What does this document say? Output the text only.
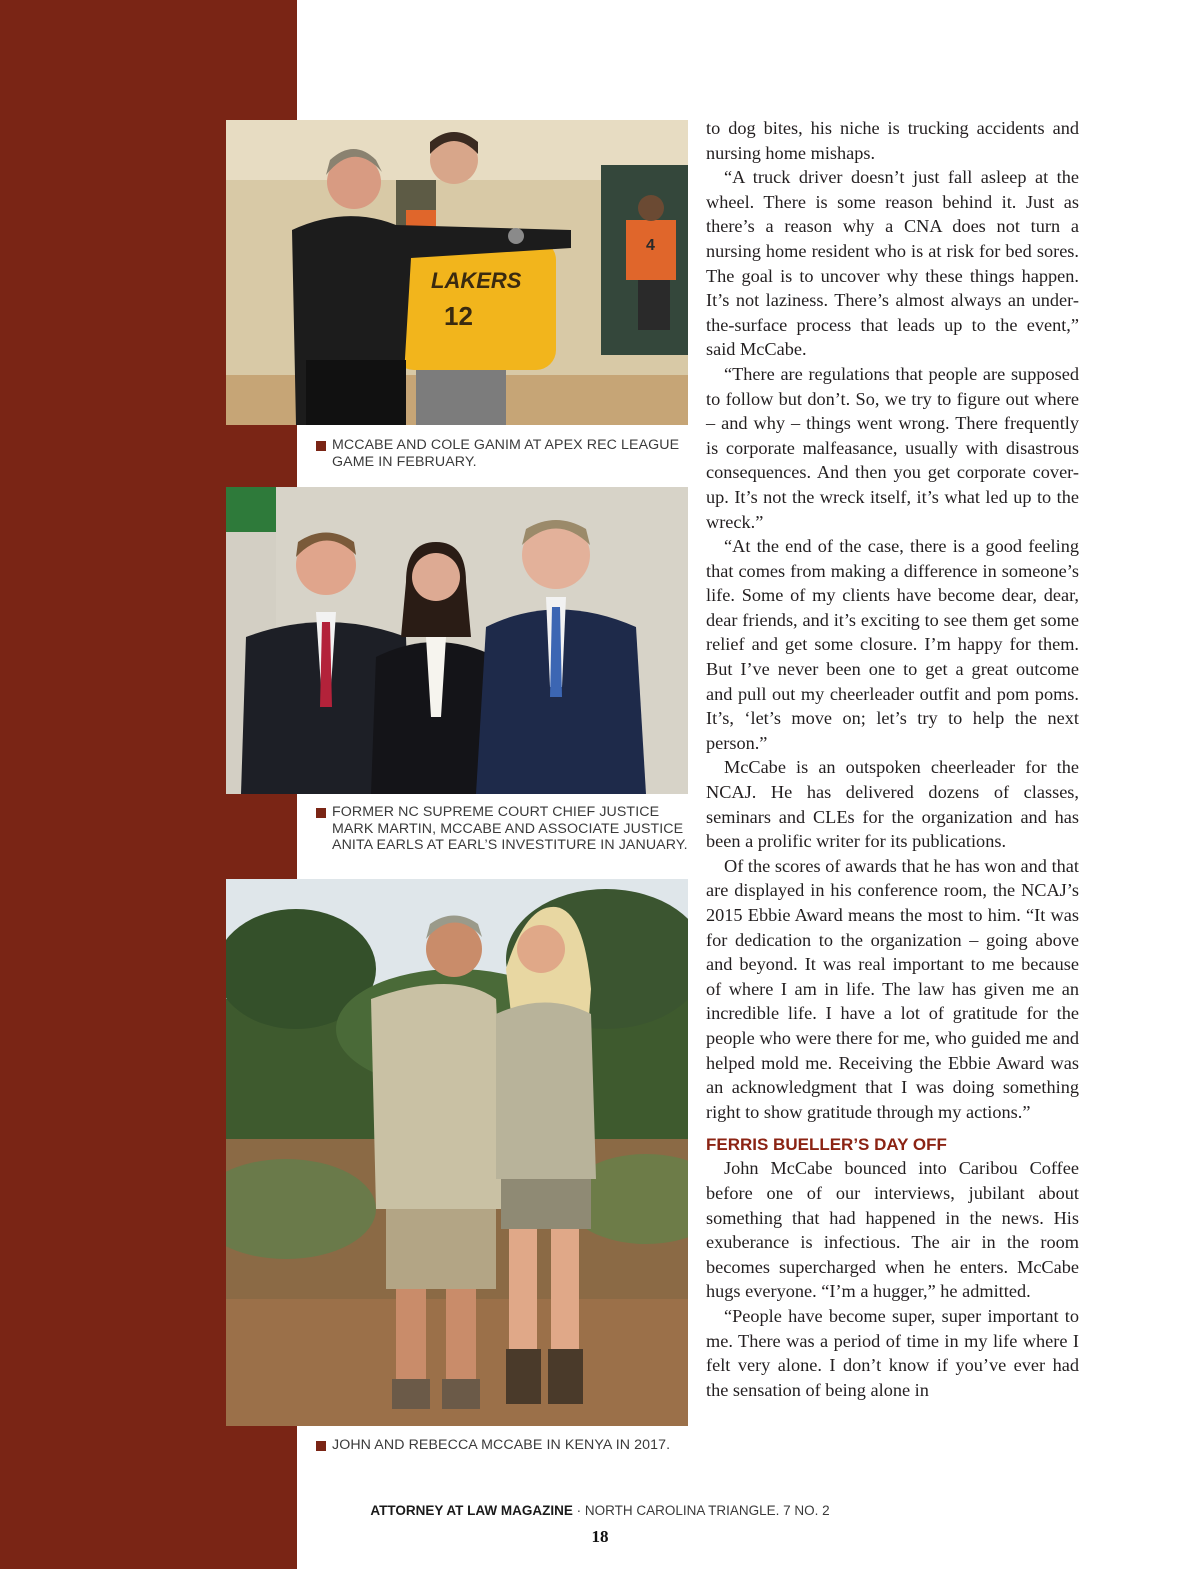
LAKERS
12
4
MCCABE AND COLE GANIM AT APEX REC LEAGUE GAME IN FEBRUARY.
FORMER NC SUPREME COURT CHIEF JUSTICE MARK MARTIN, MCCABE AND ASSOCIATE JUSTICE ANITA EARLS AT EARL’S INVESTITURE IN JANUARY.
JOHN AND REBECCA MCCABE IN KENYA IN 2017.

to dog bites, his niche is trucking accidents and nursing home mishaps.

“A truck driver doesn’t just fall asleep at the wheel. There is some reason behind it. Just as there’s a reason why a CNA does not turn a nursing home resident who is at risk for bed sores. The goal is to uncover why these things happen. It’s not laziness. There’s almost always an under-the-surface process that leads up to the event,” said McCabe.

“There are regulations that people are supposed to follow but don’t. So, we try to figure out where – and why – things went wrong. There frequently is corporate malfeasance, usually with disastrous consequences. And then you get corporate cover-up. It’s not the wreck itself, it’s what led up to the wreck.”

“At the end of the case, there is a good feeling that comes from making a difference in someone’s life. Some of my clients have become dear, dear, dear friends, and it’s exciting to see them get some relief and get some closure. I’m happy for them. But I’ve never been one to get a great outcome and pull out my cheerleader outfit and pom poms. It’s, ‘let’s move on; let’s try to help the next person.”

McCabe is an outspoken cheerleader for the NCAJ. He has delivered dozens of classes, seminars and CLEs for the organization and has been a prolific writer for its publications.

Of the scores of awards that he has won and that are displayed in his conference room, the NCAJ’s 2015 Ebbie Award means the most to him. “It was for dedication to the organization – going above and beyond. It was real important to me because of where I am in life. The law has given me an incredible life. I have a lot of gratitude for the people who were there for me, who guided me and helped mold me. Receiving the Ebbie Award was an acknowledgment that I was doing something right to show gratitude through my actions.”

FERRIS BUELLER’S DAY OFF

John McCabe bounced into Caribou Coffee before one of our interviews, jubilant about something that had happened in the news. His exuberance is infectious. The air in the room becomes supercharged when he enters. McCabe hugs everyone. “I’m a hugger,” he admitted.

“People have become super, super important to me. There was a period of time in my life where I felt very alone. I don’t know if you’ve ever had the sensation of being alone in

ATTORNEY AT LAW MAGAZINE · NORTH CAROLINA TRIANGLE. 7 NO. 2
18
